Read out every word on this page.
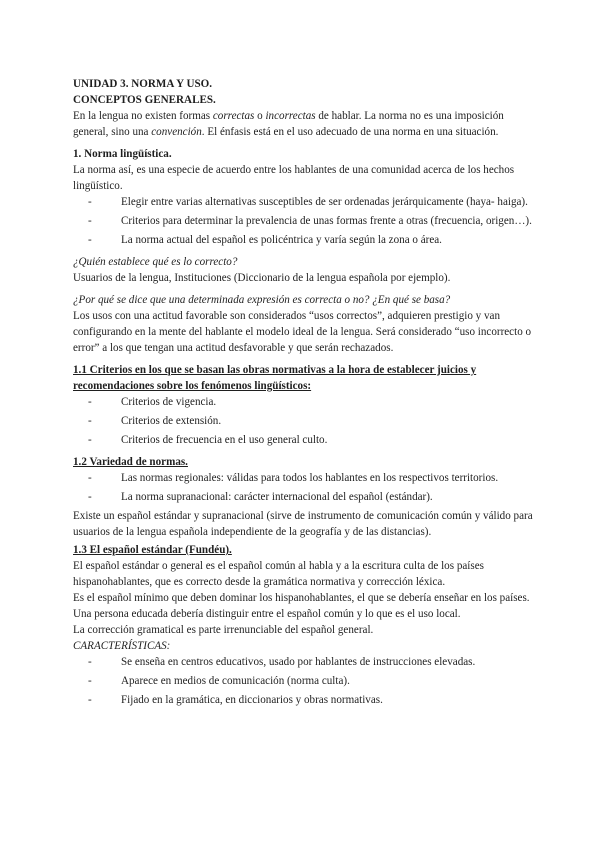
UNIDAD 3. NORMA Y USO.

CONCEPTOS GENERALES.

En la lengua no existen formas correctas o incorrectas de hablar. La norma no es una imposición general, sino una convención. El énfasis está en el uso adecuado de una norma en una situación.

1. Norma lingüística.

La norma así, es una especie de acuerdo entre los hablantes de una comunidad acerca de los hechos lingüístico.

-	Elegir entre varias alternativas susceptibles de ser ordenadas jerárquicamente (haya- haiga).
-	Criterios para determinar la prevalencia de unas formas frente a otras (frecuencia, origen…).
-	La norma actual del español es policéntrica y varía según la zona o área.

¿Quién establece qué es lo correcto?

Usuarios de la lengua, Instituciones (Diccionario de la lengua española por ejemplo).

¿Por qué se dice que una determinada expresión es correcta o no? ¿En qué se basa?

Los usos con una actitud favorable son considerados “usos correctos”, adquieren prestigio y van configurando en la mente del hablante el modelo ideal de la lengua. Será considerado “uso incorrecto o error” a los que tengan una actitud desfavorable y que serán rechazados.

1.1 Criterios en los que se basan las obras normativas a la hora de establecer juicios y recomendaciones sobre los fenómenos lingüísticos:

-	Criterios de vigencia.
-	Criterios de extensión.
-	Criterios de frecuencia en el uso general culto.

1.2 Variedad de normas.

-	Las normas regionales: válidas para todos los hablantes en los respectivos territorios.
-	La norma supranacional: carácter internacional del español (estándar).

Existe un español estándar y supranacional (sirve de instrumento de comunicación común y válido para usuarios de la lengua española independiente de la geografía y de las distancias).

1.3 El español estándar (Fundéu).

El español estándar o general es el español común al habla y a la escritura culta de los países hispanohablantes, que es correcto desde la gramática normativa y corrección léxica.

Es el español mínimo que deben dominar los hispanohablantes, el que se debería enseñar en los países. Una persona educada debería distinguir entre el español común y lo que es el uso local.

La corrección gramatical es parte irrenunciable del español general.

CARACTERÍSTICAS:

-	Se enseña en centros educativos, usado por hablantes de instrucciones elevadas.
-	Aparece en medios de comunicación (norma culta).
-	Fijado en la gramática, en diccionarios y obras normativas.
